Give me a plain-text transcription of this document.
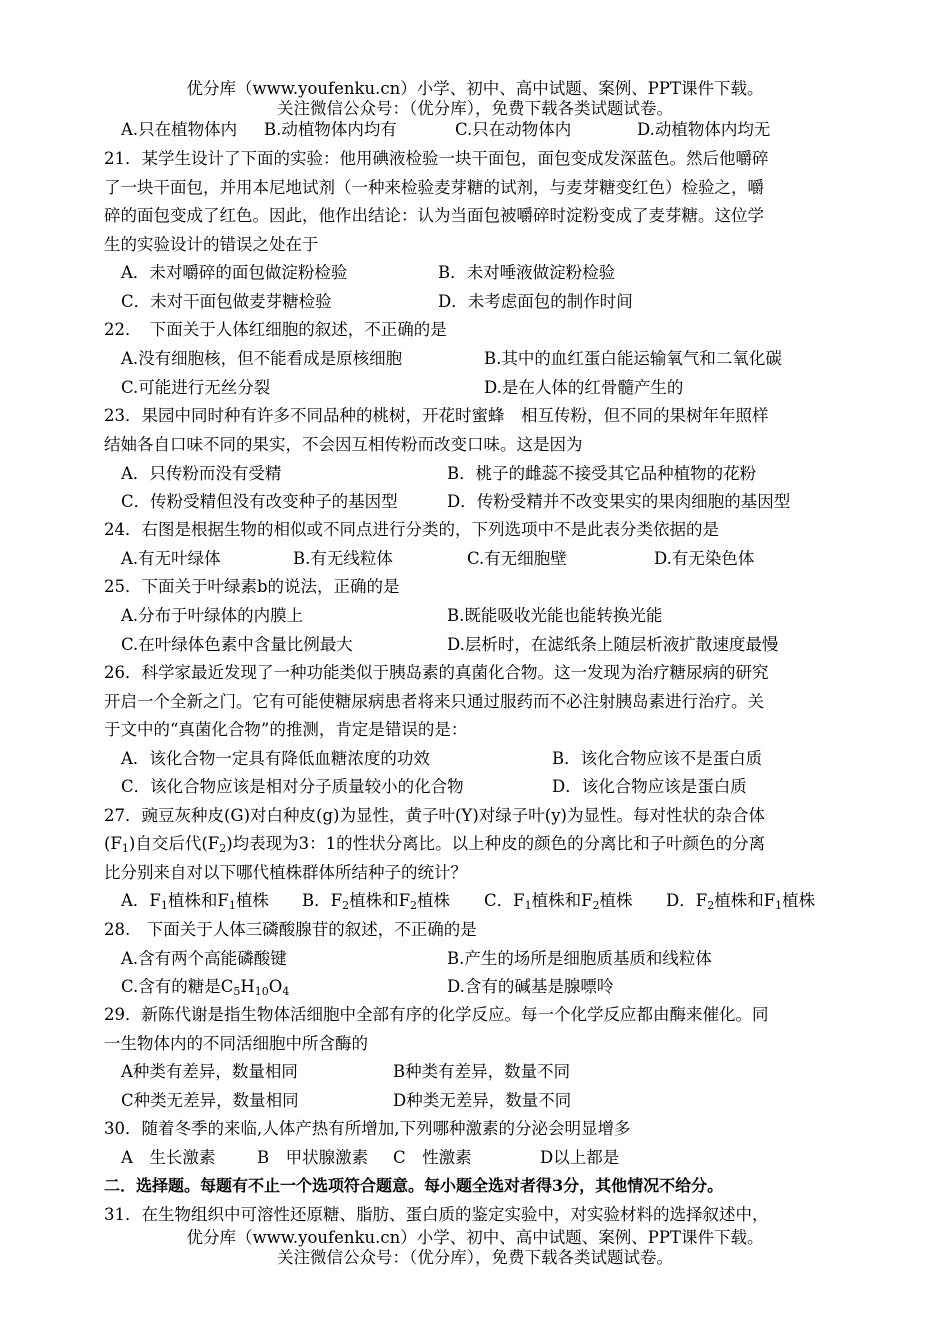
优分库（www.youfenku.cn）小学、初中、高中试题、案例、PPT课件下载。
关注微信公众号：（优分库），免费下载各类试题试卷。
A.只在植物体内 B.动植物体内均有	C.只在动物体内	D.动植物体内均无
21．某学生设计了下面的实验：他用碘液检验一块干面包，面包变成发深蓝色。然后他嚼碎
了一块干面包，并用本尼地试剂（一种来检验麦芽糖的试剂，与麦芽糖变红色）检验之，嚼
碎的面包变成了红色。因此，他作出结论：认为当面包被嚼碎时淀粉变成了麦芽糖。这位学
生的实验设计的错误之处在于
A．未对嚼碎的面包做淀粉检验	B．未对唾液做淀粉检验
C．未对干面包做麦芽糖检验	D．未考虑面包的制作时间
22．　下面关于人体红细胞的叙述，不正确的是
A.没有细胞核，但不能看成是原核细胞	B.其中的血红蛋白能运输氧气和二氧化碳
C.可能进行无丝分裂	D.是在人体的红骨髓产生的
23．果园中同时种有许多不同品种的桃树，开花时蜜蜂　相互传粉，但不同的果树年年照样
结妯各自口味不同的果实，不会因互相传粉而改变口味。这是因为
A．只传粉而没有受精	B．桃子的雌蕊不接受其它品种植物的花粉
C．传粉受精但没有改变种子的基因型	D．传粉受精并不改变果实的果肉细胞的基因型
24．右图是根据生物的相似或不同点进行分类的，下列选项中不是此表分类依据的是
A.有无叶绿体	B.有无线粒体	C.有无细胞壁	D.有无染色体
25．下面关于叶绿素b的说法，正确的是
A.分布于叶绿体的内膜上	B.既能吸收光能也能转换光能
C.在叶绿体色素中含量比例最大	D.层析时，在滤纸条上随层析液扩散速度最慢
26．科学家最近发现了一种功能类似于胰岛素的真菌化合物。这一发现为治疗糖尿病的研究
开启一个全新之门。它有可能使糖尿病患者将来只通过服药而不必注射胰岛素进行治疗。关
于文中的“真菌化合物”的推测，肯定是错误的是：
A．该化合物一定具有降低血糖浓度的功效	B．该化合物应该不是蛋白质
C．该化合物应该是相对分子质量较小的化合物	D．该化合物应该是蛋白质
27．豌豆灰种皮(G)对白种皮(g)为显性，黄子叶(Y)对绿子叶(y)为显性。每对性状的杂合体
$(F_1)$自交后代$(F_2)$均表现为3：1的性状分离比。以上种皮的颜色的分离比和子叶颜色的分离
比分别来自对以下哪代植株群体所结种子的统计？
A．$F_1$植株和$F_1$植株 B．$F_2$植株和$F_2$植株 C．$F_1$植株和$F_2$植株 D．$F_2$植株和$F_1$植株
28.　下面关于人体三磷酸腺苷的叙述，不正确的是
A.含有两个高能磷酸键	B.产生的场所是细胞质基质和线粒体
C.含有的糖是$C_5H_{10}O_4$	D.含有的碱基是腺嘌呤
29．新陈代谢是指生物体活细胞中全部有序的化学反应。每一个化学反应都由酶来催化。同
一生物体内的不同活细胞中所含酶的
A种类有差异，数量相同	B种类有差异，数量不同
C种类无差异，数量相同	D种类无差异，数量不同
30．随着冬季的来临,人体产热有所增加,下列哪种激素的分泌会明显增多
A　生长激素	B　甲状腺激素 C　性激素	D以上都是
二．选择题。每题有不止一个选项符合题意。每小题全选对者得3分，其他情况不给分。
31．在生物组织中可溶性还原糖、脂肪、蛋白质的鉴定实验中，对实验材料的选择叙述中，
优分库（www.youfenku.cn）小学、初中、高中试题、案例、PPT课件下载。
关注微信公众号：（优分库），免费下载各类试题试卷。
